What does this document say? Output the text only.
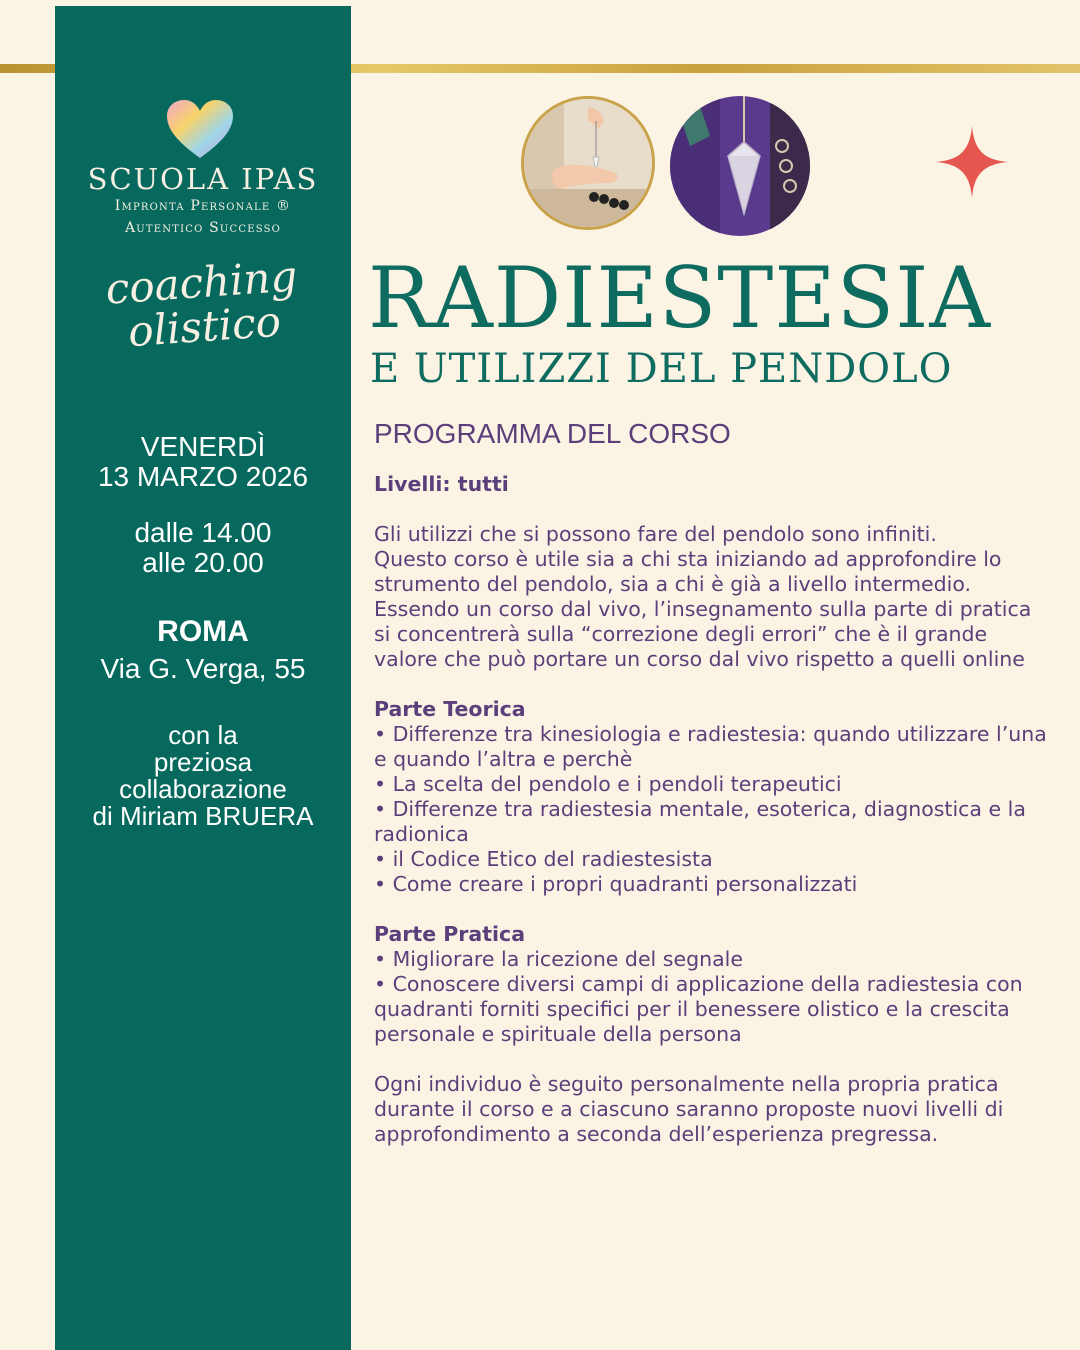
SCUOLA IPAS
Impronta Personale ®
Autentico Successo
coaching
olistico
VENERDÌ
13 MARZO 2026
dalle 14.00
alle 20.00
ROMA
Via G. Verga, 55
con la
preziosa
collaborazione
di Miriam BRUERA
RADIESTESIA
E UTILIZZI DEL PENDOLO
PROGRAMMA DEL CORSO

Livelli: tutti

Gli utilizzi che si possono fare del pendolo sono infiniti.

Questo corso è utile sia a chi sta iniziando ad approfondire lo strumento del pendolo, sia a chi è già a livello intermedio. Essendo un corso dal vivo, l’insegnamento sulla parte di pratica si concentrerà sulla “correzione degli errori” che è il grande valore che può portare un corso dal vivo rispetto a quelli online

Parte Teorica

• Differenze tra kinesiologia e radiestesia: quando utilizzare l’una e quando l’altra e perchè

• La scelta del pendolo e i pendoli terapeutici

• Differenze tra radiestesia mentale, esoterica, diagnostica e la radionica

• il Codice Etico del radiestesista

• Come creare i propri quadranti personalizzati

Parte Pratica

• Migliorare la ricezione del segnale

• Conoscere diversi campi di applicazione della radiestesia con quadranti forniti specifici per il benessere olistico e la crescita personale e spirituale della persona

Ogni individuo è seguito personalmente nella propria pratica durante il corso e a ciascuno saranno proposte nuovi livelli di approfondimento a seconda dell’esperienza pregressa.
